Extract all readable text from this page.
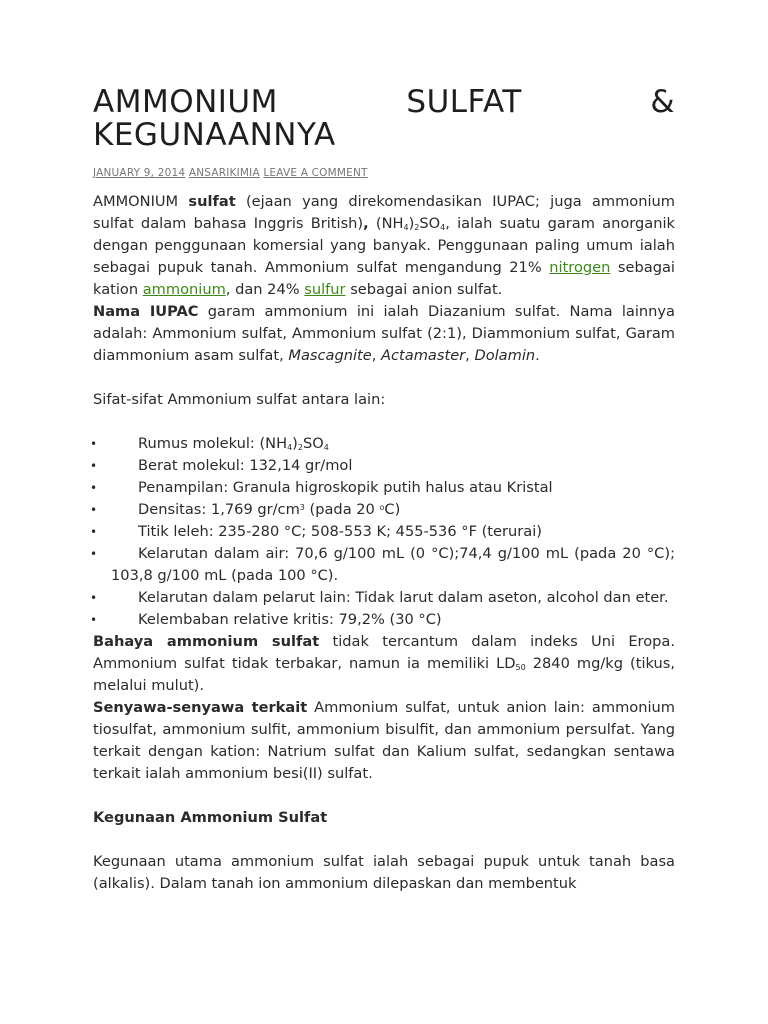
AMMONIUM	SULFAT	&
KEGUNAANNYA
JANUARY 9, 2014 ANSARIKIMIA LEAVE A COMMENT

AMMONIUM sulfat (ejaan yang direkomendasikan IUPAC; juga ammonium sulfat dalam bahasa Inggris British), $(NH_4)_2SO_4$, ialah suatu garam anorganik dengan penggunaan komersial yang banyak. Penggunaan paling umum ialah sebagai pupuk tanah. Ammonium sulfat mengandung 21% nitrogen sebagai kation ammonium, dan 24% sulfur sebagai anion sulfat.

Nama IUPAC garam ammonium ini ialah Diazanium sulfat. Nama lainnya adalah: Ammonium sulfat, Ammonium sulfat (2:1), Diammonium sulfat, Garam diammonium asam sulfat, Mascagnite, Actamaster, Dolamin.

Sifat-sifat Ammonium sulfat antara lain:

•	Rumus molekul: $(NH_4)_2SO_4$
•	Berat molekul: 132,14 gr/mol
•	Penampilan: Granula higroskopik putih halus atau Kristal
•	Densitas: 1,769 $gr/cm^3$ (pada 20 $^o$C)
•	Titik leleh: 235-280 °C; 508-553 K; 455-536 °F (terurai)
•	Kelarutan dalam air: 70,6 g/100 mL (0 °C);74,4 g/100 mL (pada 20 °C); 103,8 g/100 mL (pada 100 °C).
•	Kelarutan dalam pelarut lain: Tidak larut dalam aseton, alcohol dan eter.
•	Kelembaban relative kritis: 79,2% (30 °C)

Bahaya ammonium sulfat tidak tercantum dalam indeks Uni Eropa. Ammonium sulfat tidak terbakar, namun ia memiliki $LD_{50}$ 2840 mg/kg (tikus, melalui mulut).

Senyawa-senyawa terkait Ammonium sulfat, untuk anion lain: ammonium tiosulfat, ammonium sulfit, ammonium bisulfit, dan ammonium persulfat. Yang terkait dengan kation: Natrium sulfat dan Kalium sulfat, sedangkan sentawa terkait ialah ammonium besi(II) sulfat.

Kegunaan Ammonium Sulfat

Kegunaan utama ammonium sulfat ialah sebagai pupuk untuk tanah basa (alkalis). Dalam tanah ion ammonium dilepaskan dan membentuk
